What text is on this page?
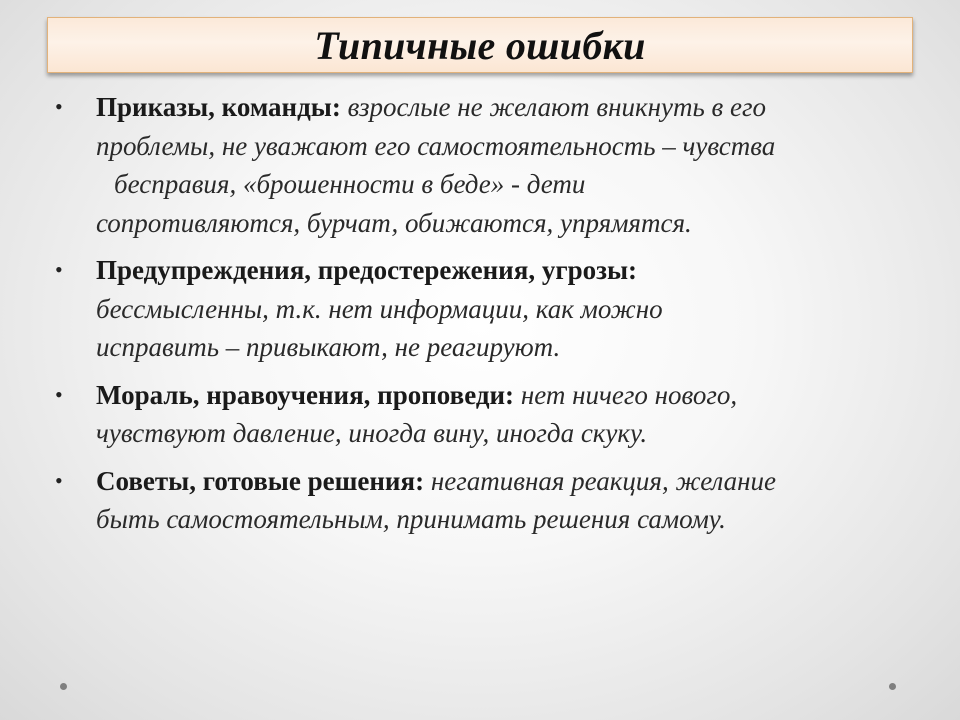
Типичные ошибки
• Приказы, команды: взрослые не желают вникнуть в его
проблемы, не уважают его самостоятельность – чувства
бесправия, «брошенности в беде» - дети
сопротивляются, бурчат, обижаются, упрямятся.
• Предупреждения, предостережения, угрозы:
бессмысленны, т.к. нет информации, как можно
исправить – привыкают, не реагируют.
• Мораль, нравоучения, проповеди: нет ничего нового,
чувствуют давление, иногда вину, иногда скуку.
• Советы, готовые решения: негативная реакция, желание
быть самостоятельным, принимать решения самому.
